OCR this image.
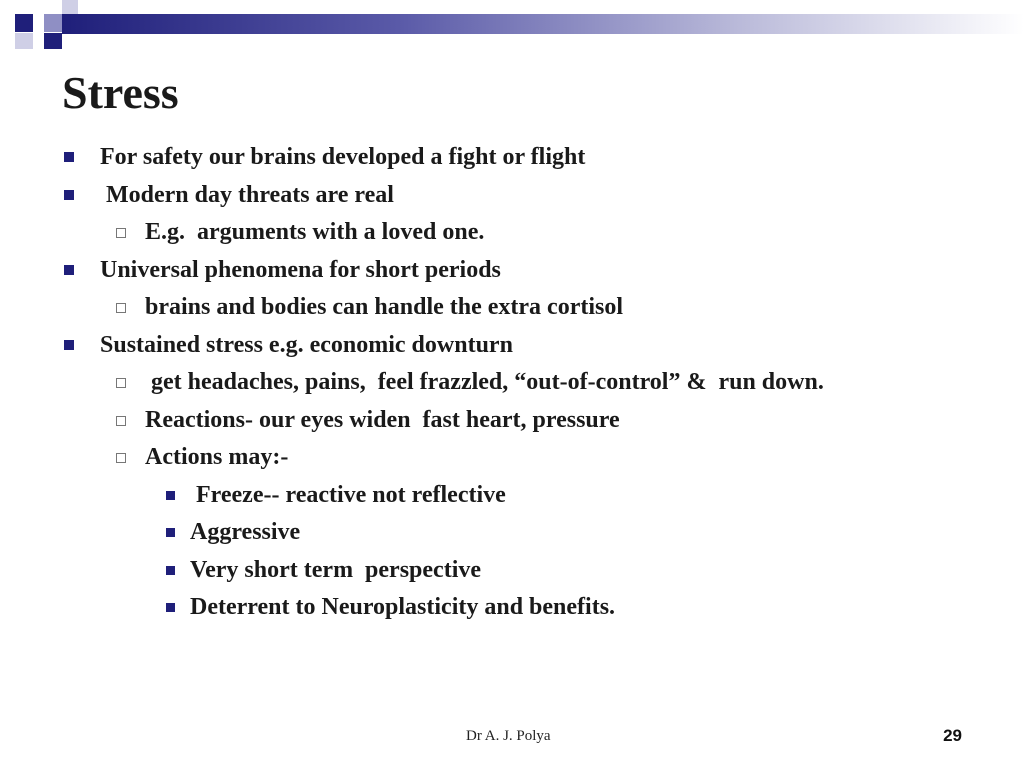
Stress
For safety our brains developed a fight or flight
Modern day threats are real
E.g.  arguments with a loved one.
Universal phenomena for short periods
brains and bodies can handle the extra cortisol
Sustained stress e.g. economic downturn
get headaches, pains,  feel frazzled, “out-of-control” &  run down.
Reactions- our eyes widen  fast heart, pressure
Actions may:-
Freeze-- reactive not reflective
Aggressive
Very short term  perspective
Deterrent to Neuroplasticity and benefits.
Dr A. J. Polya	29
